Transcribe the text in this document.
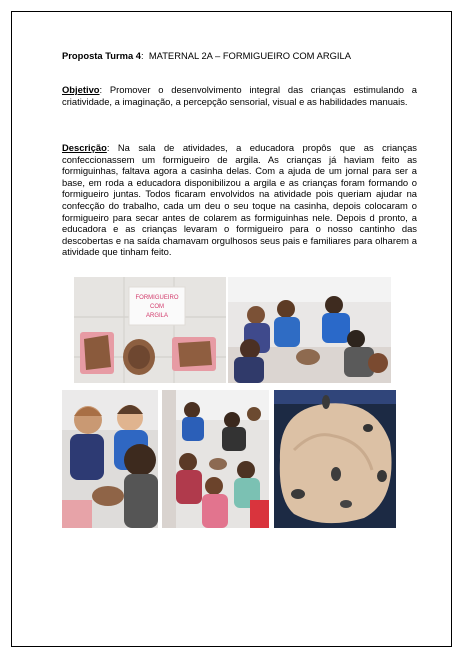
Proposta Turma 4: MATERNAL 2A – FORMIGUEIRO COM ARGILA
Objetivo: Promover o desenvolvimento integral das crianças estimulando a criatividade, a imaginação, a percepção sensorial, visual e as habilidades manuais.
Descrição: Na sala de atividades, a educadora propôs que as crianças confeccionassem um formigueiro de argila. As crianças já haviam feito as formiguinhas, faltava agora a casinha delas. Com a ajuda de um jornal para ser a base, em roda a educadora disponibilizou a argila e as crianças foram formando o formigueiro juntas. Todos ficaram envolvidos na atividade pois queriam ajudar na confecção do trabalho, cada um deu o seu toque na casinha, depois colocaram o formigueiro para secar antes de colarem as formiguinhas nele. Depois d pronto, a educadora e as crianças levaram o formigueiro para o nosso cantinho das descobertas e na saída chamavam orgulhosos seus pais e familiares para olharem a atividade que tinham feito.
FORMIGUEIRO
COM
ARGILA
